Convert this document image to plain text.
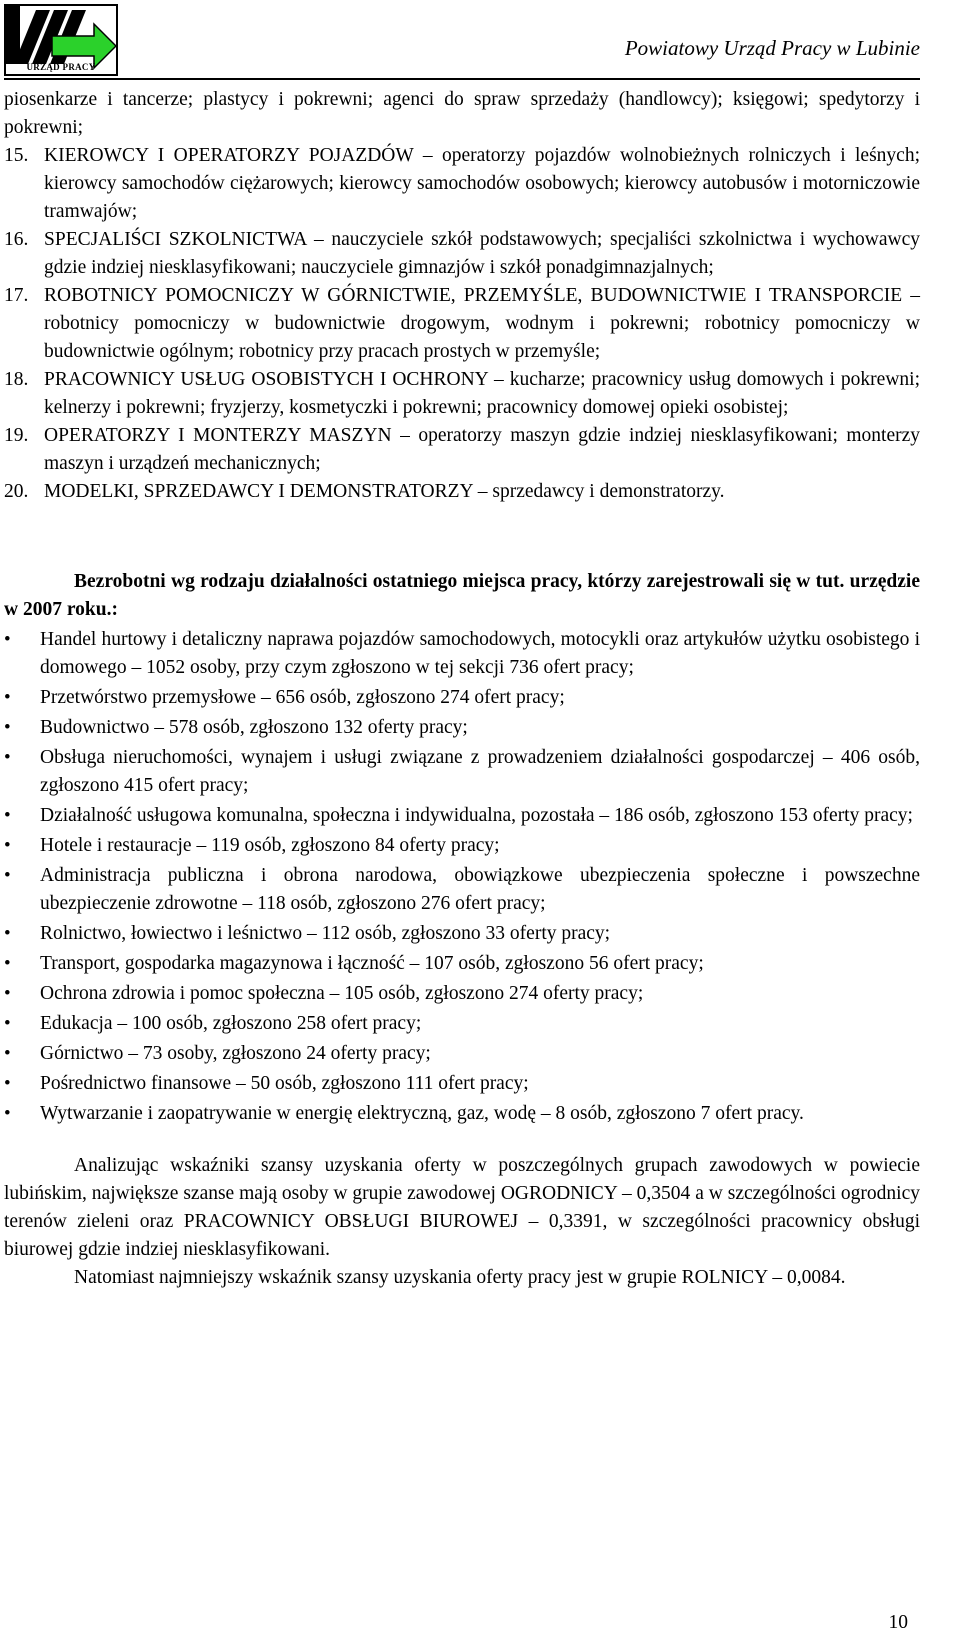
URZĄD PRACY
Powiatowy Urząd Pracy w Lubinie

piosenkarze i tancerze; plastycy i pokrewni; agenci do spraw sprzedaży (handlowcy); księgowi; spedytorzy i pokrewni;

15. KIEROWCY I OPERATORZY POJAZDÓW – operatorzy pojazdów wolnobieżnych rolniczych i leśnych; kierowcy samochodów ciężarowych; kierowcy samochodów osobowych; kierowcy autobusów i motorniczowie tramwajów;
16. SPECJALIŚCI SZKOLNICTWA – nauczyciele szkół podstawowych; specjaliści szkolnictwa i wychowawcy gdzie indziej niesklasyfikowani; nauczyciele gimnazjów i szkół ponadgimnazjalnych;
17. ROBOTNICY POMOCNICZY W GÓRNICTWIE, PRZEMYŚLE, BUDOWNICTWIE I TRANSPORCIE – robotnicy pomocniczy w budownictwie drogowym, wodnym i pokrewni; robotnicy pomocniczy w budownictwie ogólnym; robotnicy przy pracach prostych w przemyśle;
18. PRACOWNICY USŁUG OSOBISTYCH I OCHRONY – kucharze; pracownicy usług domowych i pokrewni; kelnerzy i pokrewni; fryzjerzy, kosmetyczki i pokrewni; pracownicy domowej opieki osobistej;
19. OPERATORZY I MONTERZY MASZYN – operatorzy maszyn gdzie indziej niesklasyfikowani; monterzy maszyn i urządzeń mechanicznych;
20. MODELKI, SPRZEDAWCY I DEMONSTRATORZY – sprzedawcy i demonstratorzy.

Bezrobotni wg rodzaju działalności ostatniego miejsca pracy, którzy zarejestrowali się w tut. urzędzie w 2007 roku.:

• Handel hurtowy i detaliczny naprawa pojazdów samochodowych, motocykli oraz artykułów użytku osobistego i domowego – 1052 osoby, przy czym zgłoszono w tej sekcji 736 ofert pracy;
• Przetwórstwo przemysłowe – 656 osób, zgłoszono 274 ofert pracy;
• Budownictwo – 578 osób, zgłoszono 132 oferty pracy;
• Obsługa nieruchomości, wynajem i usługi związane z prowadzeniem działalności gospodarczej – 406 osób, zgłoszono 415 ofert pracy;
• Działalność usługowa komunalna, społeczna i indywidualna, pozostała – 186 osób, zgłoszono 153 oferty pracy;
• Hotele i restauracje – 119 osób, zgłoszono 84 oferty pracy;
• Administracja publiczna i obrona narodowa, obowiązkowe ubezpieczenia społeczne i powszechne ubezpieczenie zdrowotne – 118 osób, zgłoszono 276 ofert pracy;
• Rolnictwo, łowiectwo i leśnictwo – 112 osób, zgłoszono 33 oferty pracy;
• Transport, gospodarka magazynowa i łączność – 107 osób, zgłoszono 56 ofert pracy;
• Ochrona zdrowia i pomoc społeczna – 105 osób, zgłoszono 274 oferty pracy;
• Edukacja – 100 osób, zgłoszono 258 ofert pracy;
• Górnictwo – 73 osoby, zgłoszono 24 oferty pracy;
• Pośrednictwo finansowe – 50 osób, zgłoszono 111 ofert pracy;
• Wytwarzanie i zaopatrywanie w energię elektryczną, gaz, wodę – 8 osób, zgłoszono 7 ofert pracy.

Analizując wskaźniki szansy uzyskania oferty w poszczególnych grupach zawodowych w powiecie lubińskim, największe szanse mają osoby w grupie zawodowej OGRODNICY – 0,3504 a w szczególności ogrodnicy terenów zieleni oraz PRACOWNICY OBSŁUGI BIUROWEJ – 0,3391, w szczególności pracownicy obsługi biurowej gdzie indziej niesklasyfikowani.

Natomiast najmniejszy wskaźnik szansy uzyskania oferty pracy jest w grupie ROLNICY – 0,0084.

10
